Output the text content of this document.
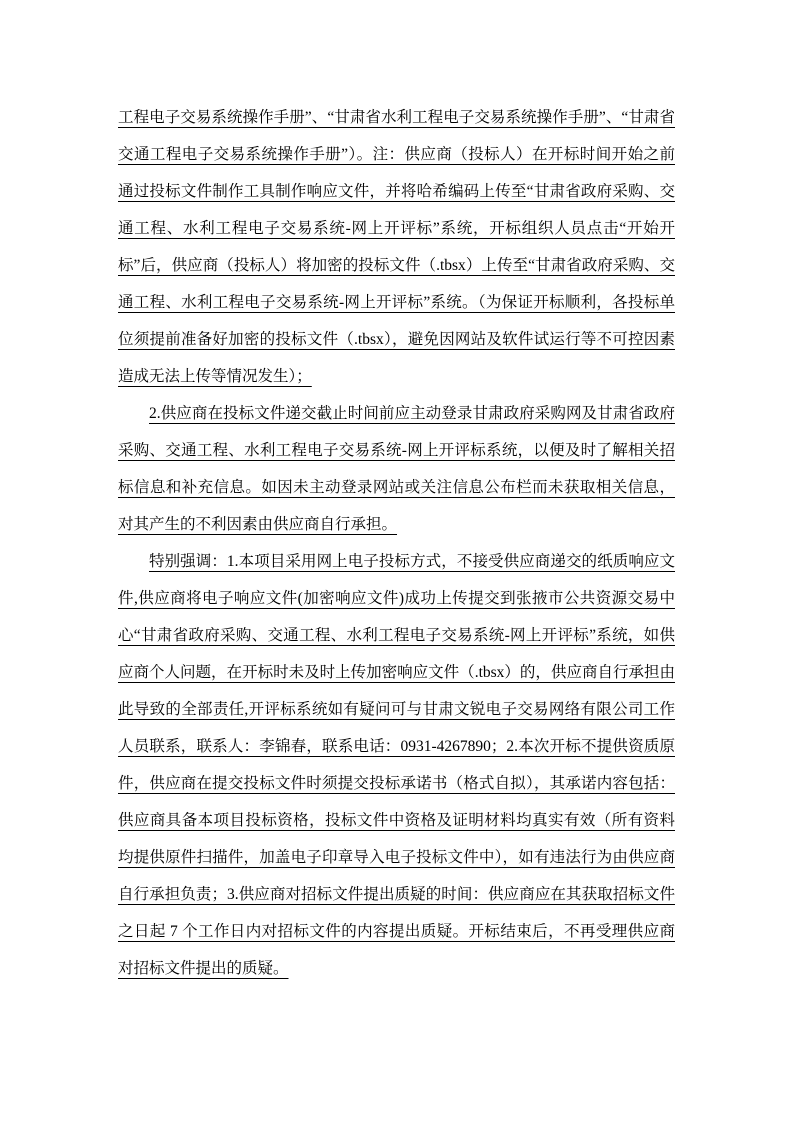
工程电子交易系统操作手册”、“甘肃省水利工程电子交易系统操作手册”、“甘肃省交通工程电子交易系统操作手册”）。注：供应商（投标人）在开标时间开始之前通过投标文件制作工具制作响应文件，并将哈希编码上传至“甘肃省政府采购、交通工程、水利工程电子交易系统-网上开评标”系统，开标组织人员点击“开始开标”后，供应商（投标人）将加密的投标文件（.tbsx）上传至“甘肃省政府采购、交通工程、水利工程电子交易系统-网上开评标”系统。（为保证开标顺利，各投标单位须提前准备好加密的投标文件（.tbsx），避免因网站及软件试运行等不可控因素造成无法上传等情况发生）；

2.供应商在投标文件递交截止时间前应主动登录甘肃政府采购网及甘肃省政府采购、交通工程、水利工程电子交易系统-网上开评标系统，以便及时了解相关招标信息和补充信息。如因未主动登录网站或关注信息公布栏而未获取相关信息，对其产生的不利因素由供应商自行承担。

特别强调：1.本项目采用网上电子投标方式，不接受供应商递交的纸质响应文件,供应商将电子响应文件(加密响应文件)成功上传提交到张掖市公共资源交易中心“甘肃省政府采购、交通工程、水利工程电子交易系统-网上开评标”系统，如供应商个人问题，在开标时未及时上传加密响应文件（.tbsx）的，供应商自行承担由此导致的全部责任,开评标系统如有疑问可与甘肃文锐电子交易网络有限公司工作人员联系，联系人：李锦春，联系电话：0931-4267890；2.本次开标不提供资质原件，供应商在提交投标文件时须提交投标承诺书（格式自拟），其承诺内容包括：供应商具备本项目投标资格，投标文件中资格及证明材料均真实有效（所有资料均提供原件扫描件，加盖电子印章导入电子投标文件中），如有违法行为由供应商自行承担负责；3.供应商对招标文件提出质疑的时间：供应商应在其获取招标文件之日起 7 个工作日内对招标文件的内容提出质疑。开标结束后，不再受理供应商对招标文件提出的质疑。
